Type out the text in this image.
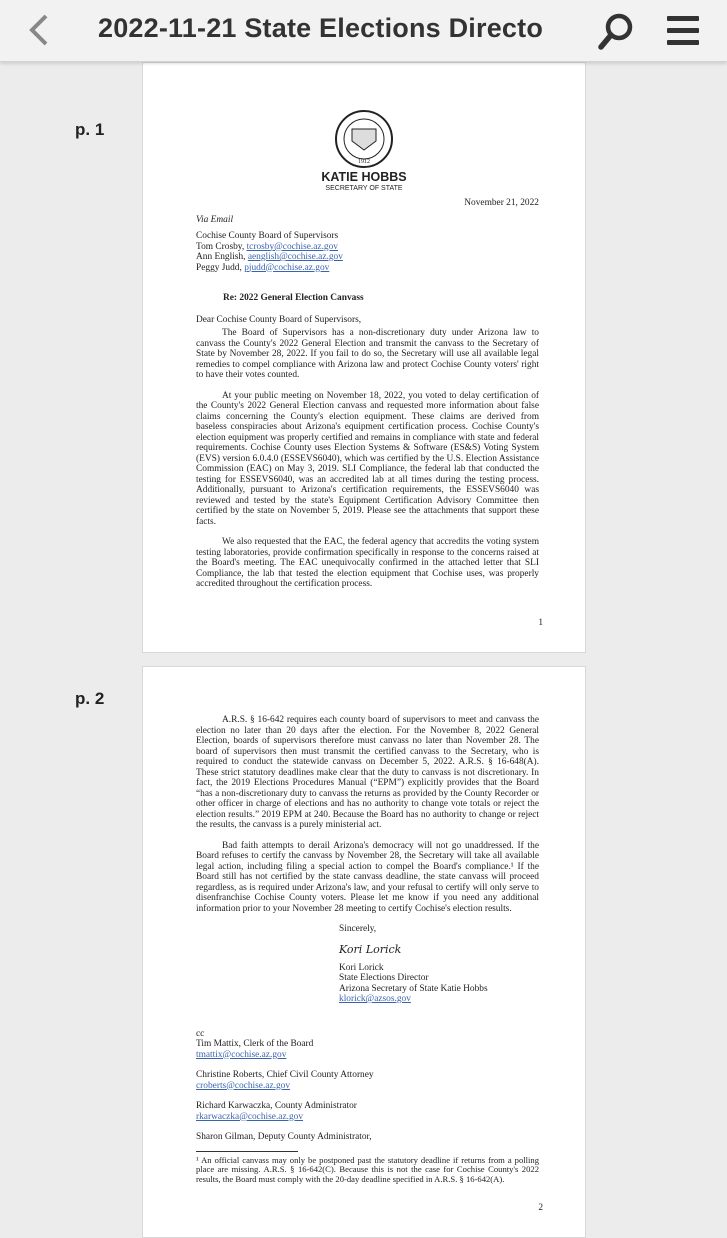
2022-11-21 State Elections Directo
p. 1
1912
KATIE HOBBS
SECRETARY OF STATE
November 21, 2022
Via Email
Cochise County Board of Supervisors
Tom Crosby, tcrosby@cochise.az.gov
Ann English, aenglish@cochise.az.gov
Peggy Judd, pjudd@cochise.az.gov
Re: 2022 General Election Canvass
Dear Cochise County Board of Supervisors,
The Board of Supervisors has a non-discretionary duty under Arizona law to canvass the County's 2022 General Election and transmit the canvass to the Secretary of State by November 28, 2022. If you fail to do so, the Secretary will use all available legal remedies to compel compliance with Arizona law and protect Cochise County voters' right to have their votes counted.
At your public meeting on November 18, 2022, you voted to delay certification of the County's 2022 General Election canvass and requested more information about false claims concerning the County's election equipment. These claims are derived from baseless conspiracies about Arizona's equipment certification process. Cochise County's election equipment was properly certified and remains in compliance with state and federal requirements. Cochise County uses Election Systems & Software (ES&S) Voting System (EVS) version 6.0.4.0 (ESSEVS6040), which was certified by the U.S. Election Assistance Commission (EAC) on May 3, 2019. SLI Compliance, the federal lab that conducted the testing for ESSEVS6040, was an accredited lab at all times during the testing process. Additionally, pursuant to Arizona's certification requirements, the ESSEVS6040 was reviewed and tested by the state's Equipment Certification Advisory Committee then certified by the state on November 5, 2019. Please see the attachments that support these facts.
We also requested that the EAC, the federal agency that accredits the voting system testing laboratories, provide confirmation specifically in response to the concerns raised at the Board's meeting. The EAC unequivocally confirmed in the attached letter that SLI Compliance, the lab that tested the election equipment that Cochise uses, was properly accredited throughout the certification process.
1
p. 2
A.R.S. § 16-642 requires each county board of supervisors to meet and canvass the election no later than 20 days after the election. For the November 8, 2022 General Election, boards of supervisors therefore must canvass no later than November 28. The board of supervisors then must transmit the certified canvass to the Secretary, who is required to conduct the statewide canvass on December 5, 2022. A.R.S. § 16-648(A). These strict statutory deadlines make clear that the duty to canvass is not discretionary. In fact, the 2019 Elections Procedures Manual (“EPM”) explicitly provides that the Board “has a non-discretionary duty to canvass the returns as provided by the County Recorder or other officer in charge of elections and has no authority to change vote totals or reject the election results.” 2019 EPM at 240. Because the Board has no authority to change or reject the results, the canvass is a purely ministerial act.
Bad faith attempts to derail Arizona's democracy will not go unaddressed. If the Board refuses to certify the canvass by November 28, the Secretary will take all available legal action, including filing a special action to compel the Board's compliance.¹ If the Board still has not certified by the state canvass deadline, the state canvass will proceed regardless, as is required under Arizona's law, and your refusal to certify will only serve to disenfranchise Cochise County voters. Please let me know if you need any additional information prior to your November 28 meeting to certify Cochise's election results.
Sincerely,
Kori Lorick
Kori Lorick
State Elections Director
Arizona Secretary of State Katie Hobbs
klorick@azsos.gov
cc
Tim Mattix, Clerk of the Board
tmattix@cochise.az.gov
Christine Roberts, Chief Civil County Attorney
croberts@cochise.az.gov
Richard Karwaczka, County Administrator
rkarwaczka@cochise.az.gov
Sharon Gilman, Deputy County Administrator,
¹ An official canvass may only be postponed past the statutory deadline if returns from a polling place are missing. A.R.S. § 16-642(C). Because this is not the case for Cochise County's 2022 results, the Board must comply with the 20-day deadline specified in A.R.S. § 16-642(A).
2
